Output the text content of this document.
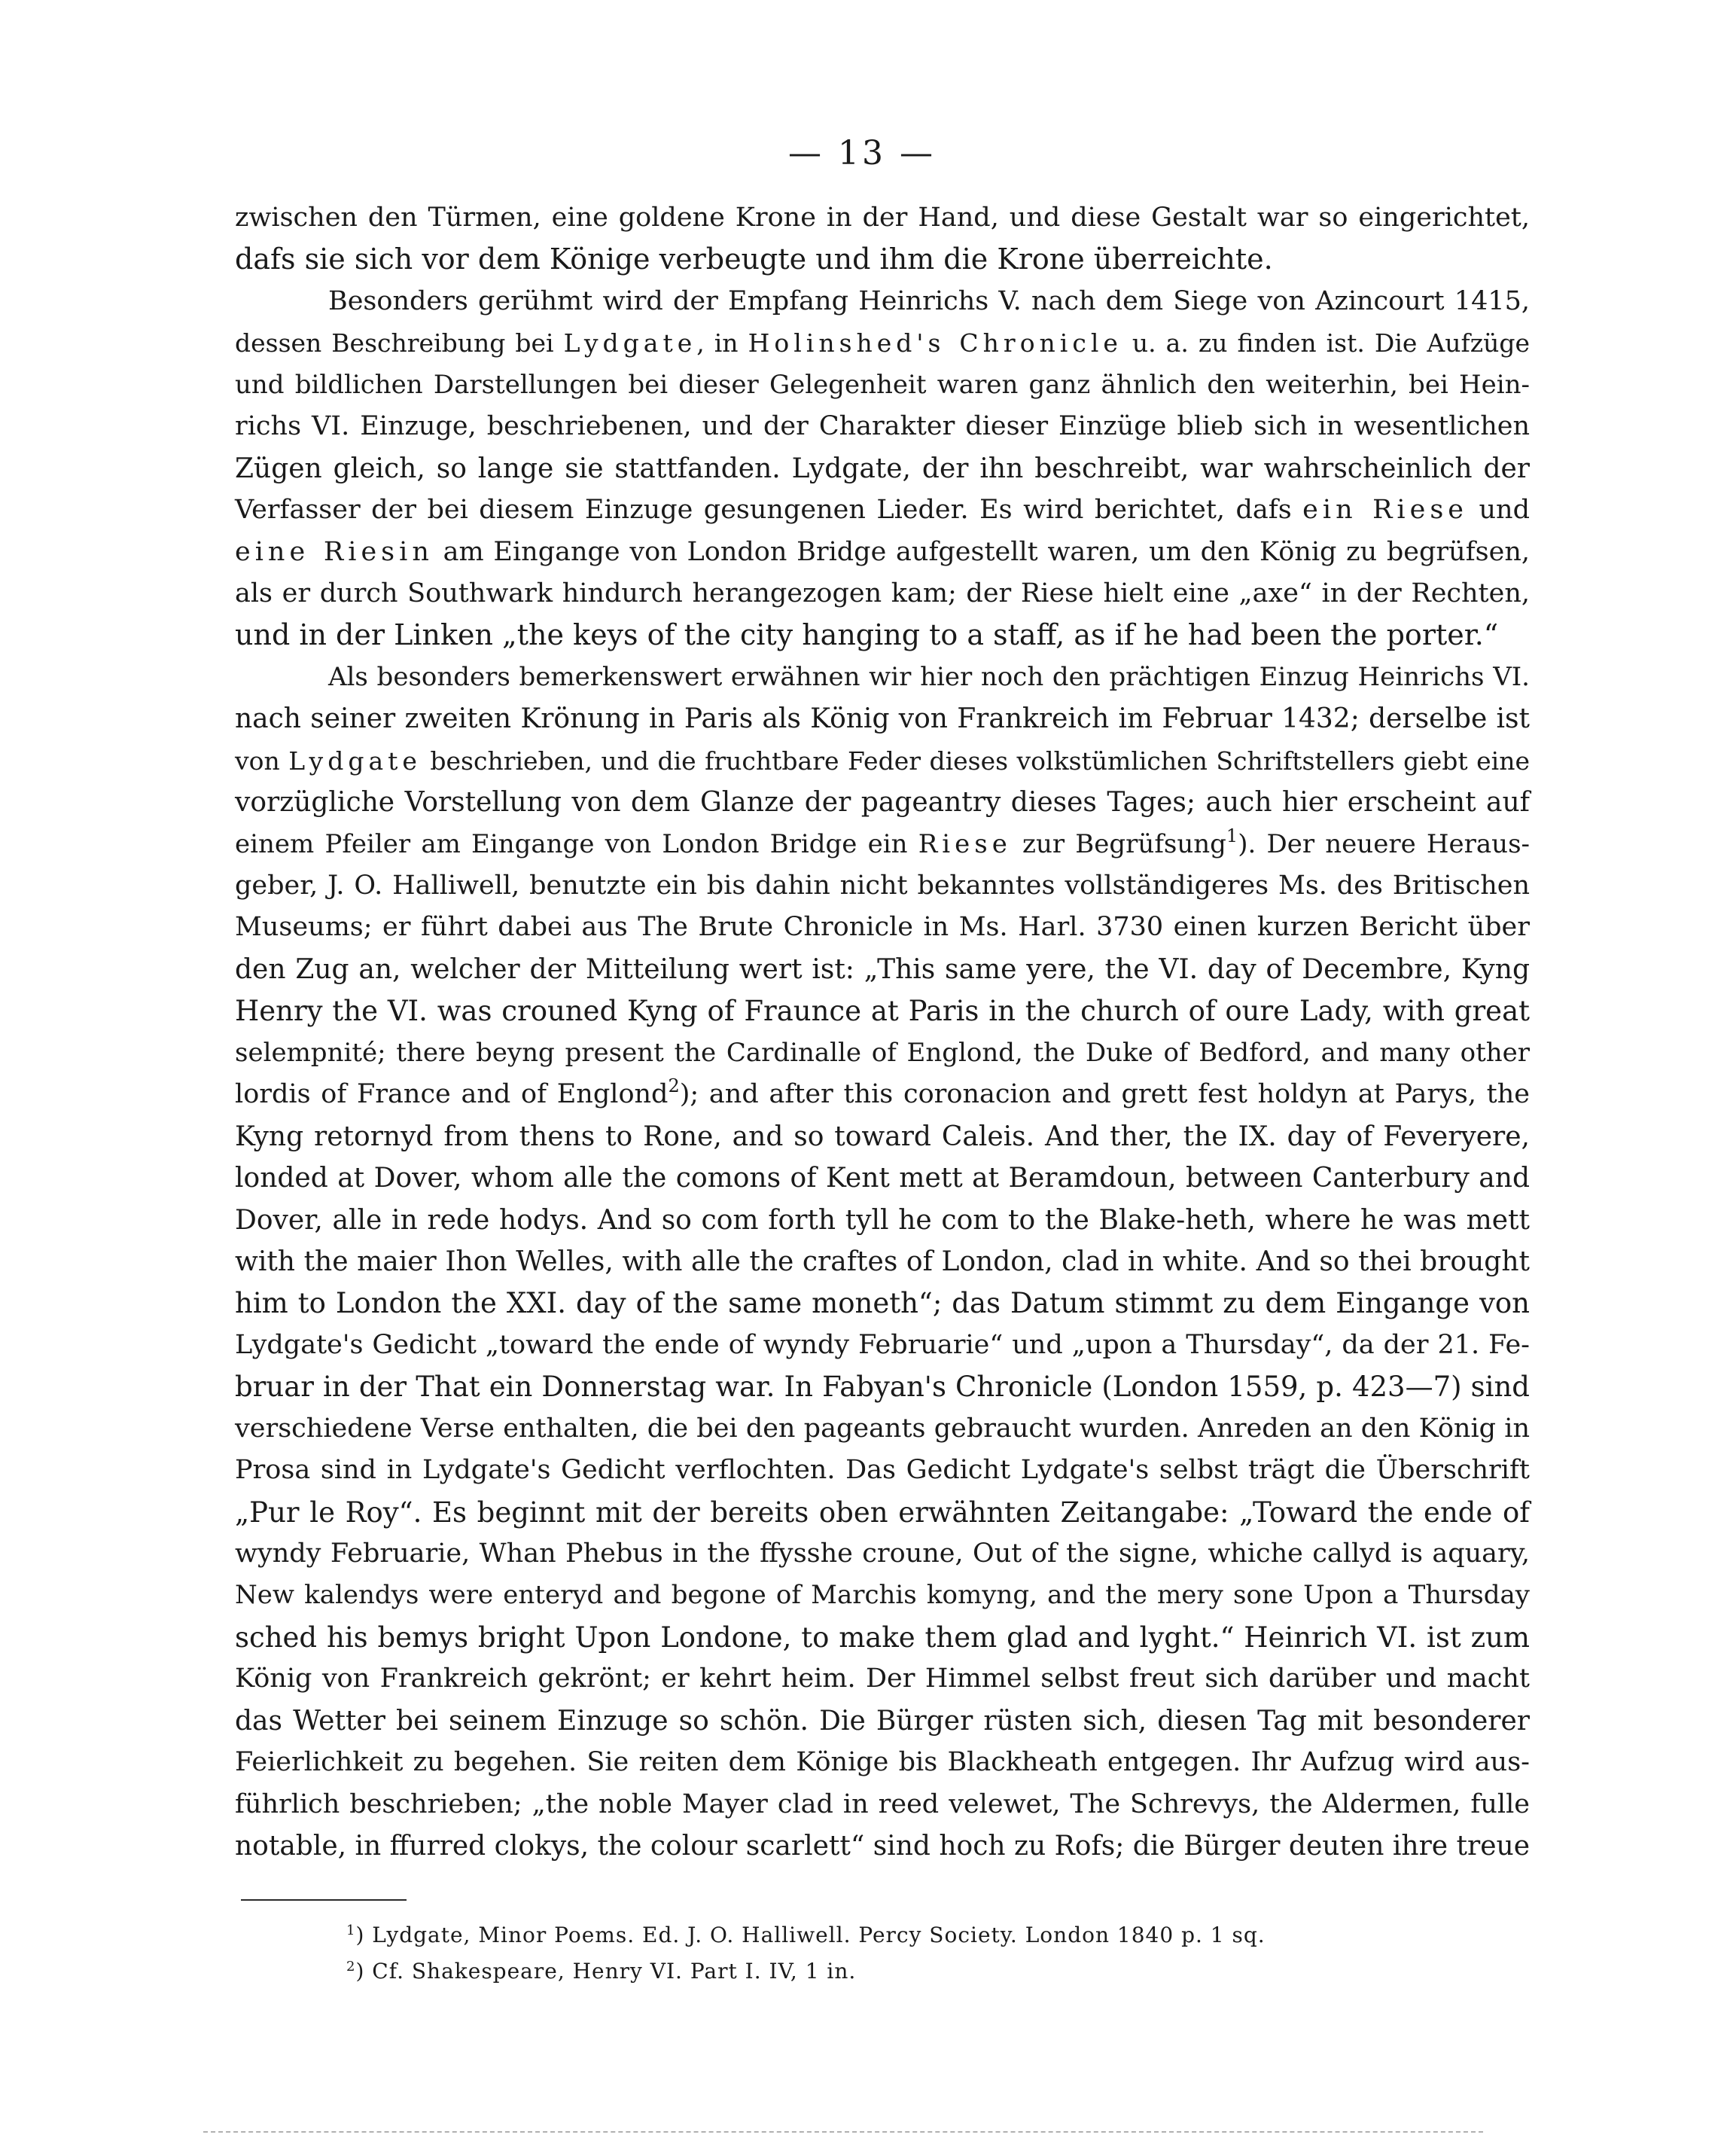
— 13 —
zwischen den Türmen, eine goldene Krone in der Hand, und diese Gestalt war so eingerichtet,
dafs sie sich vor dem Könige verbeugte und ihm die Krone überreichte.
Besonders gerühmt wird der Empfang Heinrichs V. nach dem Siege von Azincourt 1415,
dessen Beschreibung bei Lydgate, in Holinshed's Chronicle u. a. zu finden ist. Die Aufzüge
und bildlichen Darstellungen bei dieser Gelegenheit waren ganz ähnlich den weiterhin, bei Hein-
richs VI. Einzuge, beschriebenen, und der Charakter dieser Einzüge blieb sich in wesentlichen
Zügen gleich, so lange sie stattfanden. Lydgate, der ihn beschreibt, war wahrscheinlich der
Verfasser der bei diesem Einzuge gesungenen Lieder. Es wird berichtet, dafs ein Riese und
eine Riesin am Eingange von London Bridge aufgestellt waren, um den König zu begrüfsen,
als er durch Southwark hindurch herangezogen kam; der Riese hielt eine „axe“ in der Rechten,
und in der Linken „the keys of the city hanging to a staff, as if he had been the porter.“
Als besonders bemerkenswert erwähnen wir hier noch den prächtigen Einzug Heinrichs VI.
nach seiner zweiten Krönung in Paris als König von Frankreich im Februar 1432; derselbe ist
von Lydgate beschrieben, und die fruchtbare Feder dieses volkstümlichen Schriftstellers giebt eine
vorzügliche Vorstellung von dem Glanze der pageantry dieses Tages; auch hier erscheint auf
einem Pfeiler am Eingange von London Bridge ein Riese zur Begrüfsung$^1$). Der neuere Heraus-
geber, J. O. Halliwell, benutzte ein bis dahin nicht bekanntes vollständigeres Ms. des Britischen
Museums; er führt dabei aus The Brute Chronicle in Ms. Harl. 3730 einen kurzen Bericht über
den Zug an, welcher der Mitteilung wert ist: „This same yere, the VI. day of Decembre, Kyng
Henry the VI. was crouned Kyng of Fraunce at Paris in the church of oure Lady, with great
selempnité; there beyng present the Cardinalle of Englond, the Duke of Bedford, and many other
lordis of France and of Englond$^2$); and after this coronacion and grett fest holdyn at Parys, the
Kyng retornyd from thens to Rone, and so toward Caleis. And ther, the IX. day of Feveryere,
londed at Dover, whom alle the comons of Kent mett at Beramdoun, between Canterbury and
Dover, alle in rede hodys. And so com forth tyll he com to the Blake-heth, where he was mett
with the maier Ihon Welles, with alle the craftes of London, clad in white. And so thei brought
him to London the XXI. day of the same moneth“; das Datum stimmt zu dem Eingange von
Lydgate's Gedicht „toward the ende of wyndy Februarie“ und „upon a Thursday“, da der 21. Fe-
bruar in der That ein Donnerstag war. In Fabyan's Chronicle (London 1559, p. 423—7) sind
verschiedene Verse enthalten, die bei den pageants gebraucht wurden. Anreden an den König in
Prosa sind in Lydgate's Gedicht verflochten. Das Gedicht Lydgate's selbst trägt die Überschrift
„Pur le Roy“. Es beginnt mit der bereits oben erwähnten Zeitangabe: „Toward the ende of
wyndy Februarie, Whan Phebus in the ffysshe croune, Out of the signe, whiche callyd is aquary,
New kalendys were enteryd and begone of Marchis komyng, and the mery sone Upon a Thursday
sched his bemys bright Upon Londone, to make them glad and lyght.“ Heinrich VI. ist zum
König von Frankreich gekrönt; er kehrt heim. Der Himmel selbst freut sich darüber und macht
das Wetter bei seinem Einzuge so schön. Die Bürger rüsten sich, diesen Tag mit besonderer
Feierlichkeit zu begehen. Sie reiten dem Könige bis Blackheath entgegen. Ihr Aufzug wird aus-
führlich beschrieben; „the noble Mayer clad in reed velewet, The Schrevys, the Aldermen, fulle
notable, in ffurred clokys, the colour scarlett“ sind hoch zu Rofs; die Bürger deuten ihre treue
$^1$) Lydgate, Minor Poems. Ed. J. O. Halliwell. Percy Society. London 1840 p. 1 sq.
$^2$) Cf. Shakespeare, Henry VI. Part I. IV, 1 in.
